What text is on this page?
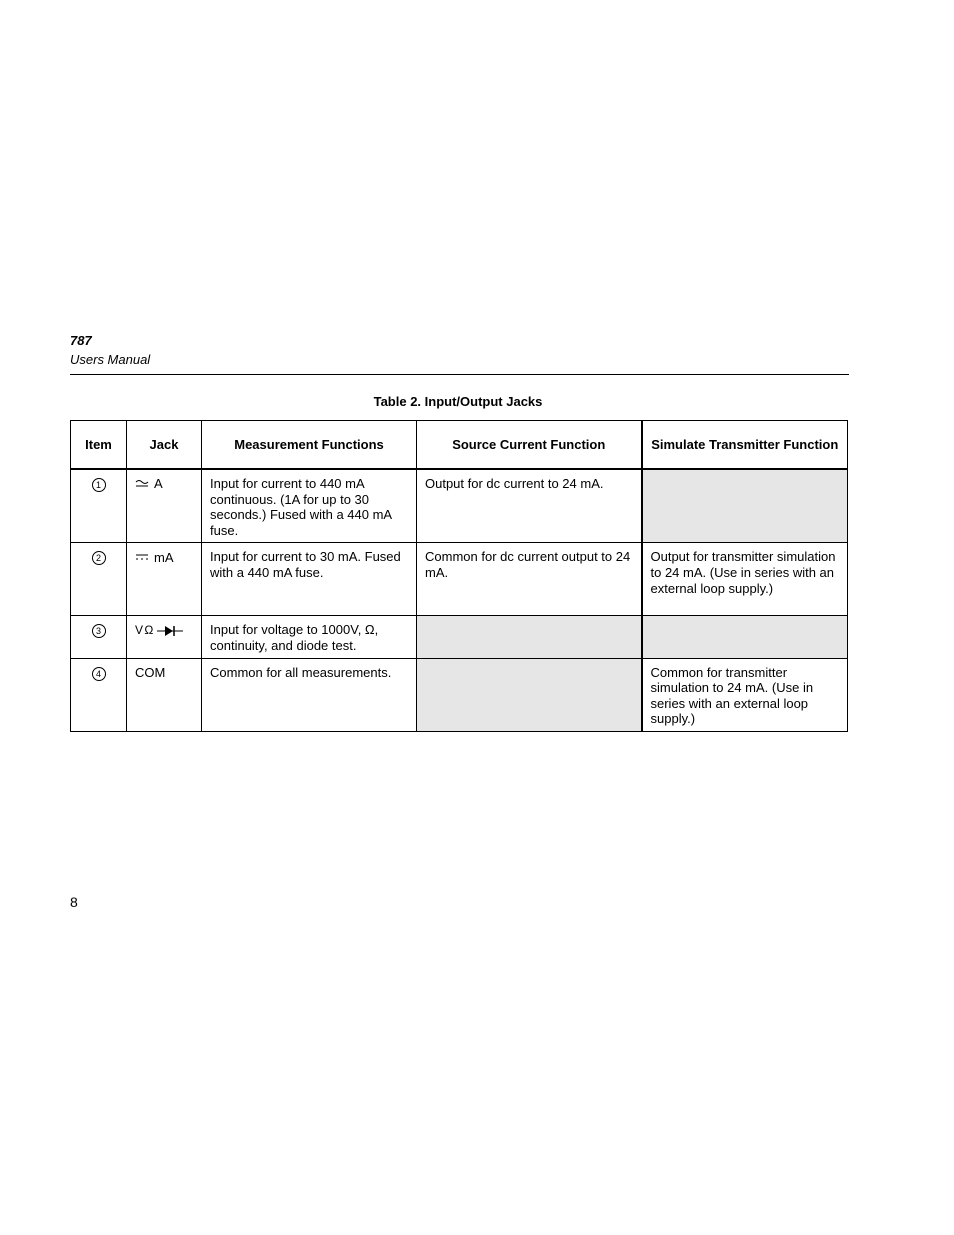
787
Users Manual
Table 2. Input/Output Jacks
Item	Jack	Measurement Functions	Source Current Function	Simulate Transmitter Function
1	A	Input for current to 440 mA continuous. (1A for up to 30 seconds.) Fused with a 440 mA fuse.	Output for dc current to 24 mA.	
2	mA	Input for current to 30 mA. Fused with a 440 mA fuse.	Common for dc current output to 24 mA.	Output for transmitter simulation to 24 mA. (Use in series with an external loop supply.)
3	V Ω	Input for voltage to 1000V, Ω, continuity, and diode test.		
4	COM	Common for all measurements.		Common for transmitter simulation to 24 mA. (Use in series with an external loop supply.)
8
